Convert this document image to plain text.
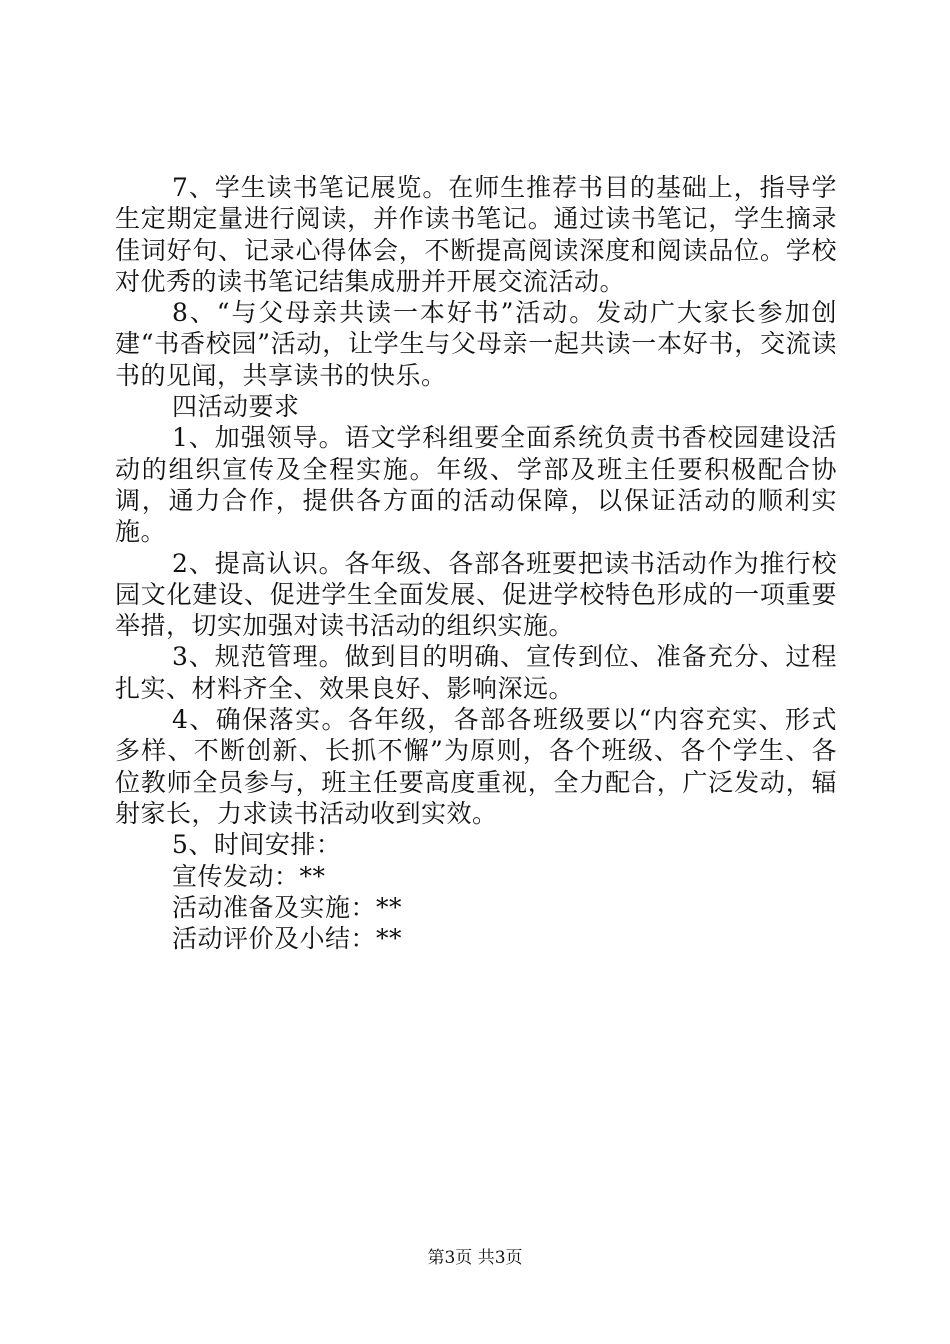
7、学生读书笔记展览。在师生推荐书目的基础上，指导学生定期定量进行阅读，并作读书笔记。通过读书笔记，学生摘录佳词好句、记录心得体会，不断提高阅读深度和阅读品位。学校对优秀的读书笔记结集成册并开展交流活动。

8、“与父母亲共读一本好书”活动。发动广大家长参加创建“书香校园”活动，让学生与父母亲一起共读一本好书，交流读书的见闻，共享读书的快乐。

四活动要求

1、加强领导。语文学科组要全面系统负责书香校园建设活动的组织宣传及全程实施。年级、学部及班主任要积极配合协调，通力合作，提供各方面的活动保障，以保证活动的顺利实施。

2、提高认识。各年级、各部各班要把读书活动作为推行校园文化建设、促进学生全面发展、促进学校特色形成的一项重要举措，切实加强对读书活动的组织实施。

3、规范管理。做到目的明确、宣传到位、准备充分、过程扎实、材料齐全、效果良好、影响深远。

4、确保落实。各年级，各部各班级要以“内容充实、形式多样、不断创新、长抓不懈”为原则，各个班级、各个学生、各位教师全员参与，班主任要高度重视，全力配合，广泛发动，辐射家长，力求读书活动收到实效。

5、时间安排：

宣传发动：**

活动准备及实施：**

活动评价及小结：**

第3页 共3页
